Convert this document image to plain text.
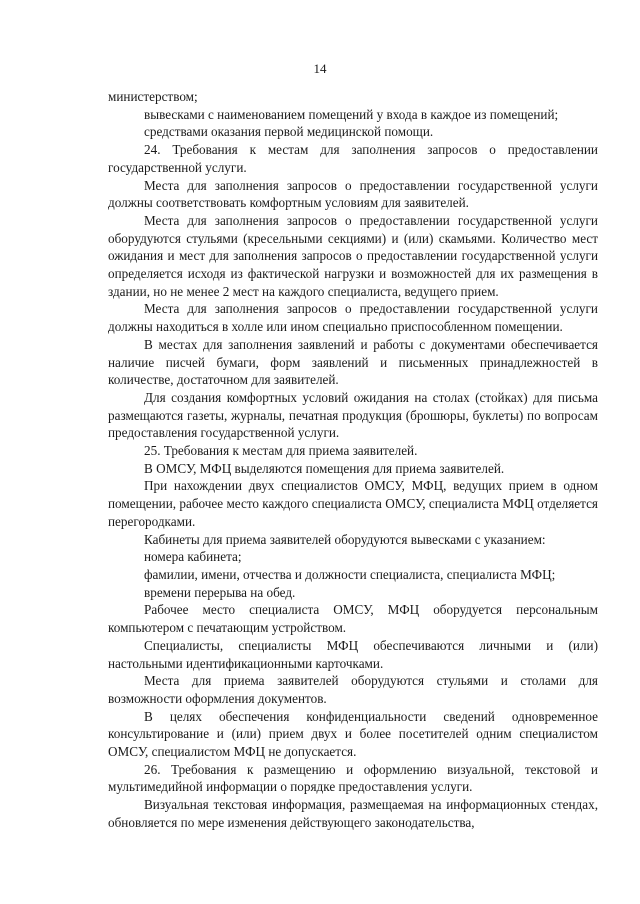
14

министерством;

вывесками с наименованием помещений у входа в каждое из помещений;

средствами оказания первой медицинской помощи.

24. Требования к местам для заполнения запросов о предоставлении государственной услуги.

Места для заполнения запросов о предоставлении государственной услуги должны соответствовать комфортным условиям для заявителей.

Места для заполнения запросов о предоставлении государственной услуги оборудуются стульями (кресельными секциями) и (или) скамьями. Количество мест ожидания и мест для заполнения запросов о предоставлении государственной услуги определяется исходя из фактической нагрузки и возможностей для их размещения в здании, но не менее 2 мест на каждого специалиста, ведущего прием.

Места для заполнения запросов о предоставлении государственной услуги должны находиться в холле или ином специально приспособленном помещении.

В местах для заполнения заявлений и работы с документами обеспечивается наличие писчей бумаги, форм заявлений и письменных принадлежностей в количестве, достаточном для заявителей.

Для создания комфортных условий ожидания на столах (стойках) для письма размещаются газеты, журналы, печатная продукция (брошюры, буклеты) по вопросам предоставления государственной услуги.

25. Требования к местам для приема заявителей.

В ОМСУ, МФЦ выделяются помещения для приема заявителей.

При нахождении двух специалистов ОМСУ, МФЦ, ведущих прием в одном помещении, рабочее место каждого специалиста ОМСУ, специалиста МФЦ отделяется перегородками.

Кабинеты для приема заявителей оборудуются вывесками с указанием:

номера кабинета;

фамилии, имени, отчества и должности специалиста, специалиста МФЦ;

времени перерыва на обед.

Рабочее место специалиста ОМСУ, МФЦ оборудуется персональным компьютером с печатающим устройством.

Специалисты, специалисты МФЦ обеспечиваются личными и (или) настольными идентификационными карточками.

Места для приема заявителей оборудуются стульями и столами для возможности оформления документов.

В целях обеспечения конфиденциальности сведений одновременное консультирование и (или) прием двух и более посетителей одним специалистом ОМСУ, специалистом МФЦ не допускается.

26. Требования к размещению и оформлению визуальной, текстовой и мультимедийной информации о порядке предоставления услуги.

Визуальная текстовая информация, размещаемая на информационных стендах, обновляется по мере изменения действующего законодательства,
